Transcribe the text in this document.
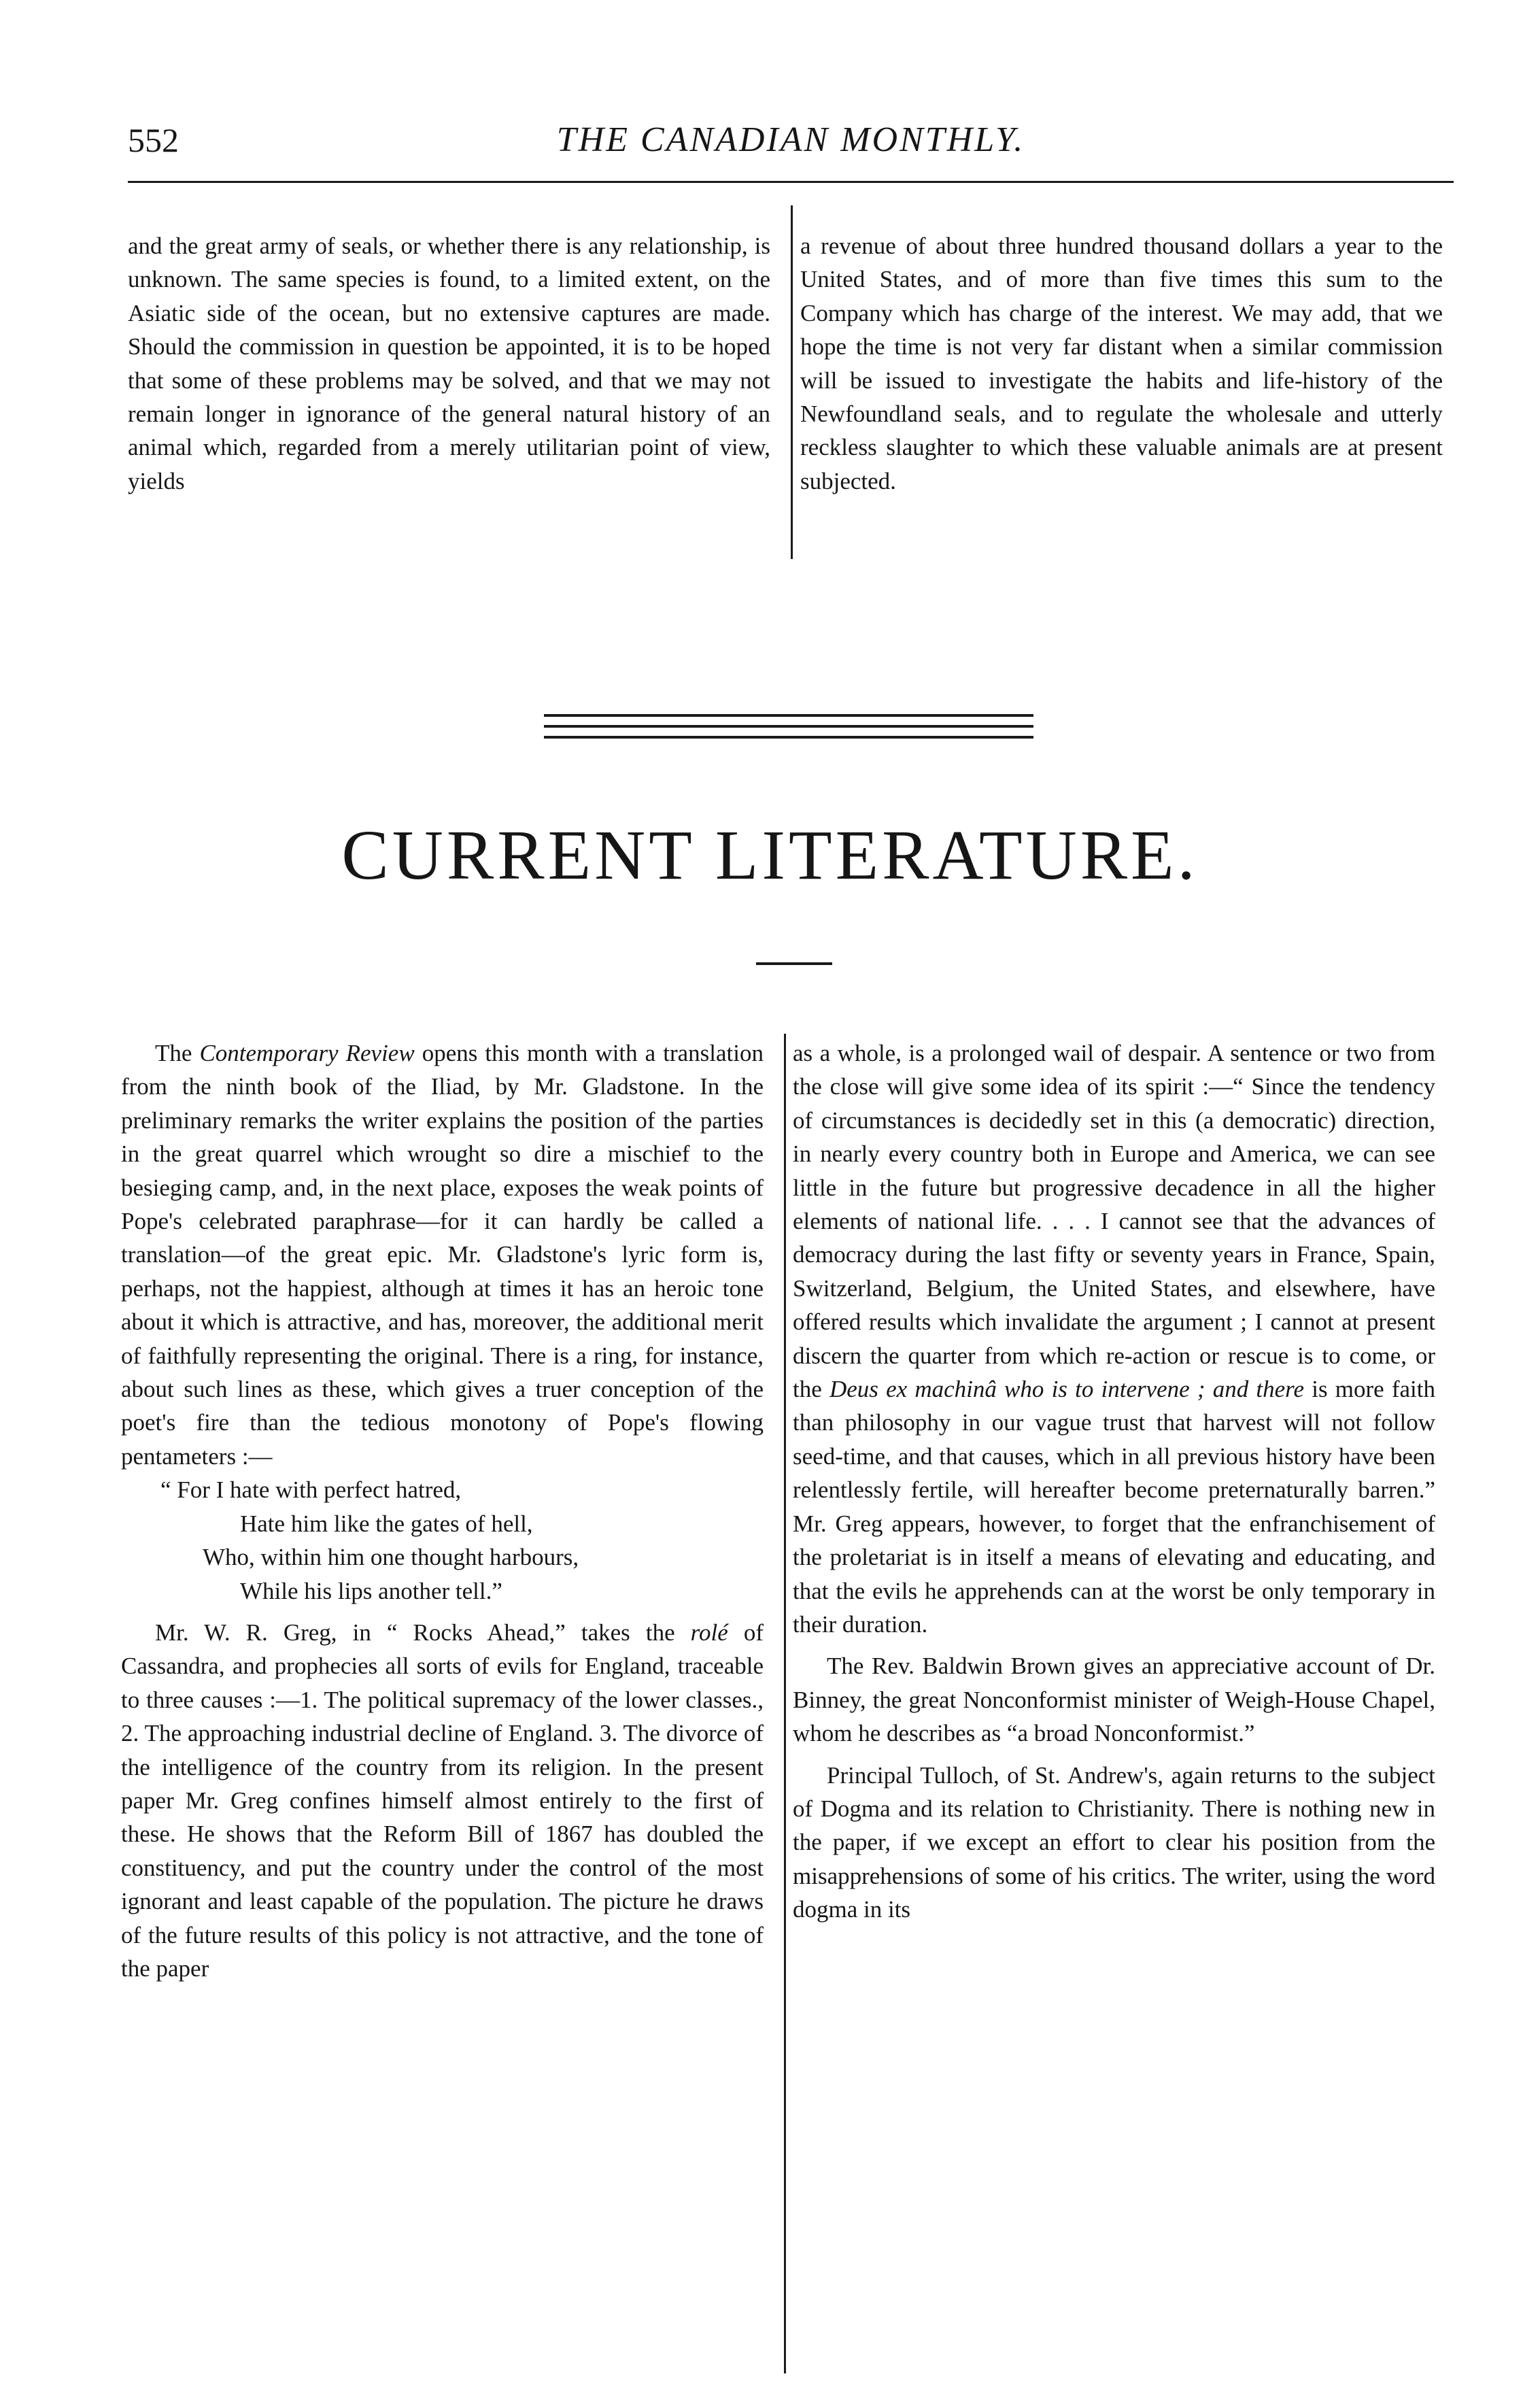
552	THE CANADIAN MONTHLY.

and the great army of seals, or whether there is any relationship, is unknown. The same species is found, to a limited extent, on the Asiatic side of the ocean, but no extensive captures are made. Should the commission in question be appointed, it is to be hoped that some of these problems may be solved, and that we may not remain longer in ignorance of the general natural history of an animal which, regarded from a merely utilitarian point of view, yields

a revenue of about three hundred thousand dollars a year to the United States, and of more than five times this sum to the Company which has charge of the interest. We may add, that we hope the time is not very far distant when a similar commission will be issued to investigate the habits and life-history of the Newfoundland seals, and to regulate the wholesale and utterly reckless slaughter to which these valuable animals are at present subjected.

CURRENT LITERATURE.

The Contemporary Review opens this month with a translation from the ninth book of the Iliad, by Mr. Gladstone. In the preliminary remarks the writer explains the position of the parties in the great quarrel which wrought so dire a mischief to the besieging camp, and, in the next place, exposes the weak points of Pope's celebrated paraphrase—for it can hardly be called a translation—of the great epic. Mr. Gladstone's lyric form is, perhaps, not the happiest, although at times it has an heroic tone about it which is attractive, and has, moreover, the additional merit of faithfully representing the original. There is a ring, for instance, about such lines as these, which gives a truer conception of the poet's fire than the tedious monotony of Pope's flowing pentameters :—

“ For I hate with perfect hatred,
Hate him like the gates of hell,
Who, within him one thought harbours,
While his lips another tell.”

Mr. W. R. Greg, in “ Rocks Ahead,” takes the rolé of Cassandra, and prophecies all sorts of evils for England, traceable to three causes :—1. The political supremacy of the lower classes., 2. The approaching industrial decline of England. 3. The divorce of the intelligence of the country from its religion. In the present paper Mr. Greg confines himself almost entirely to the first of these. He shows that the Reform Bill of 1867 has doubled the constituency, and put the country under the control of the most ignorant and least capable of the population. The picture he draws of the future results of this policy is not attractive, and the tone of the paper

as a whole, is a prolonged wail of despair. A sentence or two from the close will give some idea of its spirit :—“ Since the tendency of circumstances is decidedly set in this (a democratic) direction, in nearly every country both in Europe and America, we can see little in the future but progressive decadence in all the higher elements of national life. . . . I cannot see that the advances of democracy during the last fifty or seventy years in France, Spain, Switzerland, Belgium, the United States, and elsewhere, have offered results which invalidate the argument ; I cannot at present discern the quarter from which re-action or rescue is to come, or the Deus ex machinâ who is to intervene ; and there is more faith than philosophy in our vague trust that harvest will not follow seed-time, and that causes, which in all previous history have been relentlessly fertile, will hereafter become preternaturally barren.” Mr. Greg appears, however, to forget that the enfranchisement of the proletariat is in itself a means of elevating and educating, and that the evils he apprehends can at the worst be only temporary in their duration.

The Rev. Baldwin Brown gives an appreciative account of Dr. Binney, the great Nonconformist minister of Weigh-House Chapel, whom he describes as “a broad Nonconformist.”

Principal Tulloch, of St. Andrew's, again returns to the subject of Dogma and its relation to Christianity. There is nothing new in the paper, if we except an effort to clear his position from the misapprehensions of some of his critics. The writer, using the word dogma in its
